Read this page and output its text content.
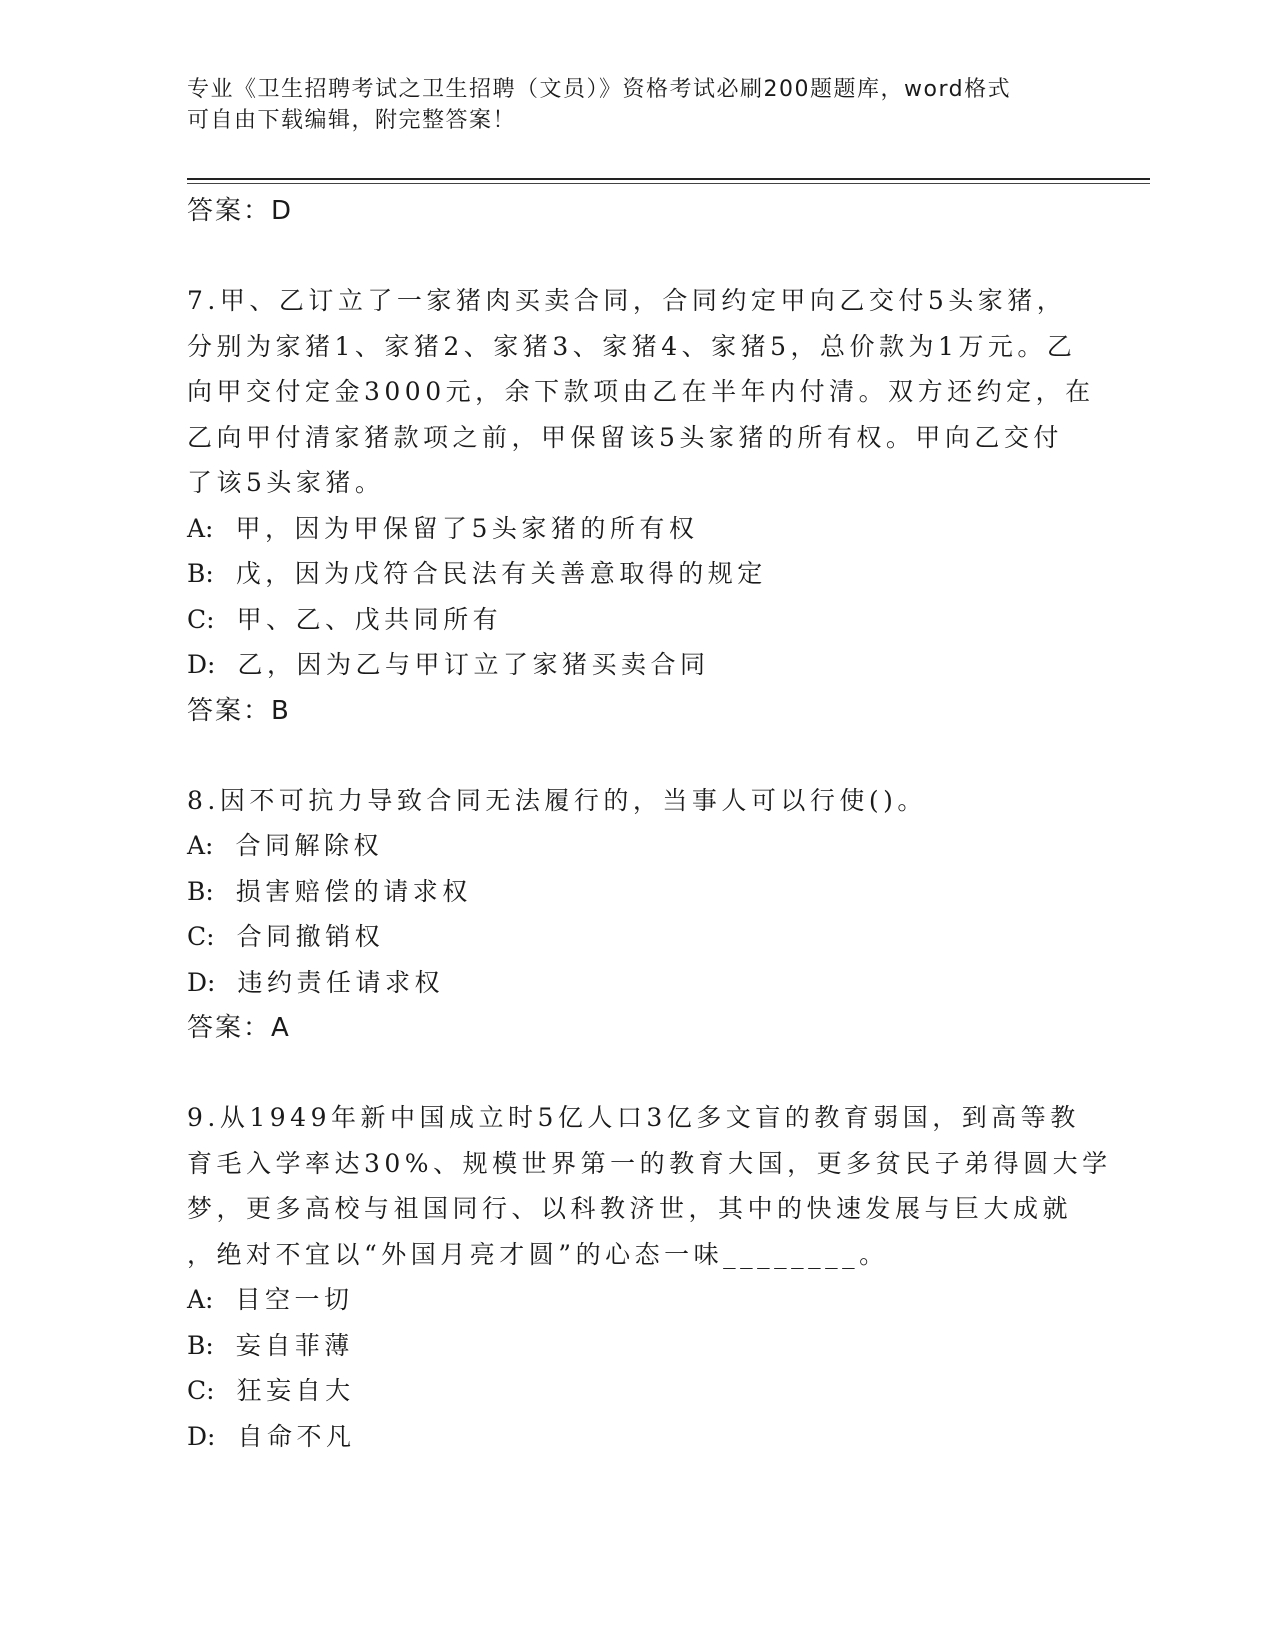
专业《卫生招聘考试之卫生招聘（文员）》资格考试必刷200题题库，word格式
可自由下载编辑，附完整答案！
答案：D
7.甲、乙订立了一家猪肉买卖合同，合同约定甲向乙交付5头家猪，
分别为家猪1、家猪2、家猪3、家猪4、家猪5，总价款为1万元。乙
向甲交付定金3000元，余下款项由乙在半年内付清。双方还约定，在
乙向甲付清家猪款项之前，甲保留该5头家猪的所有权。甲向乙交付
了该5头家猪。
A: 甲，因为甲保留了5头家猪的所有权
B: 戊，因为戊符合民法有关善意取得的规定
C: 甲、乙、戊共同所有
D: 乙，因为乙与甲订立了家猪买卖合同
答案：B
8.因不可抗力导致合同无法履行的，当事人可以行使()。
A: 合同解除权
B: 损害赔偿的请求权
C: 合同撤销权
D: 违约责任请求权
答案：A
9.从1949年新中国成立时5亿人口3亿多文盲的教育弱国，到高等教
育毛入学率达30%、规模世界第一的教育大国，更多贫民子弟得圆大学
梦，更多高校与祖国同行、以科教济世，其中的快速发展与巨大成就
，绝对不宜以“外国月亮才圆”的心态一味________。
A: 目空一切
B: 妄自菲薄
C: 狂妄自大
D: 自命不凡
